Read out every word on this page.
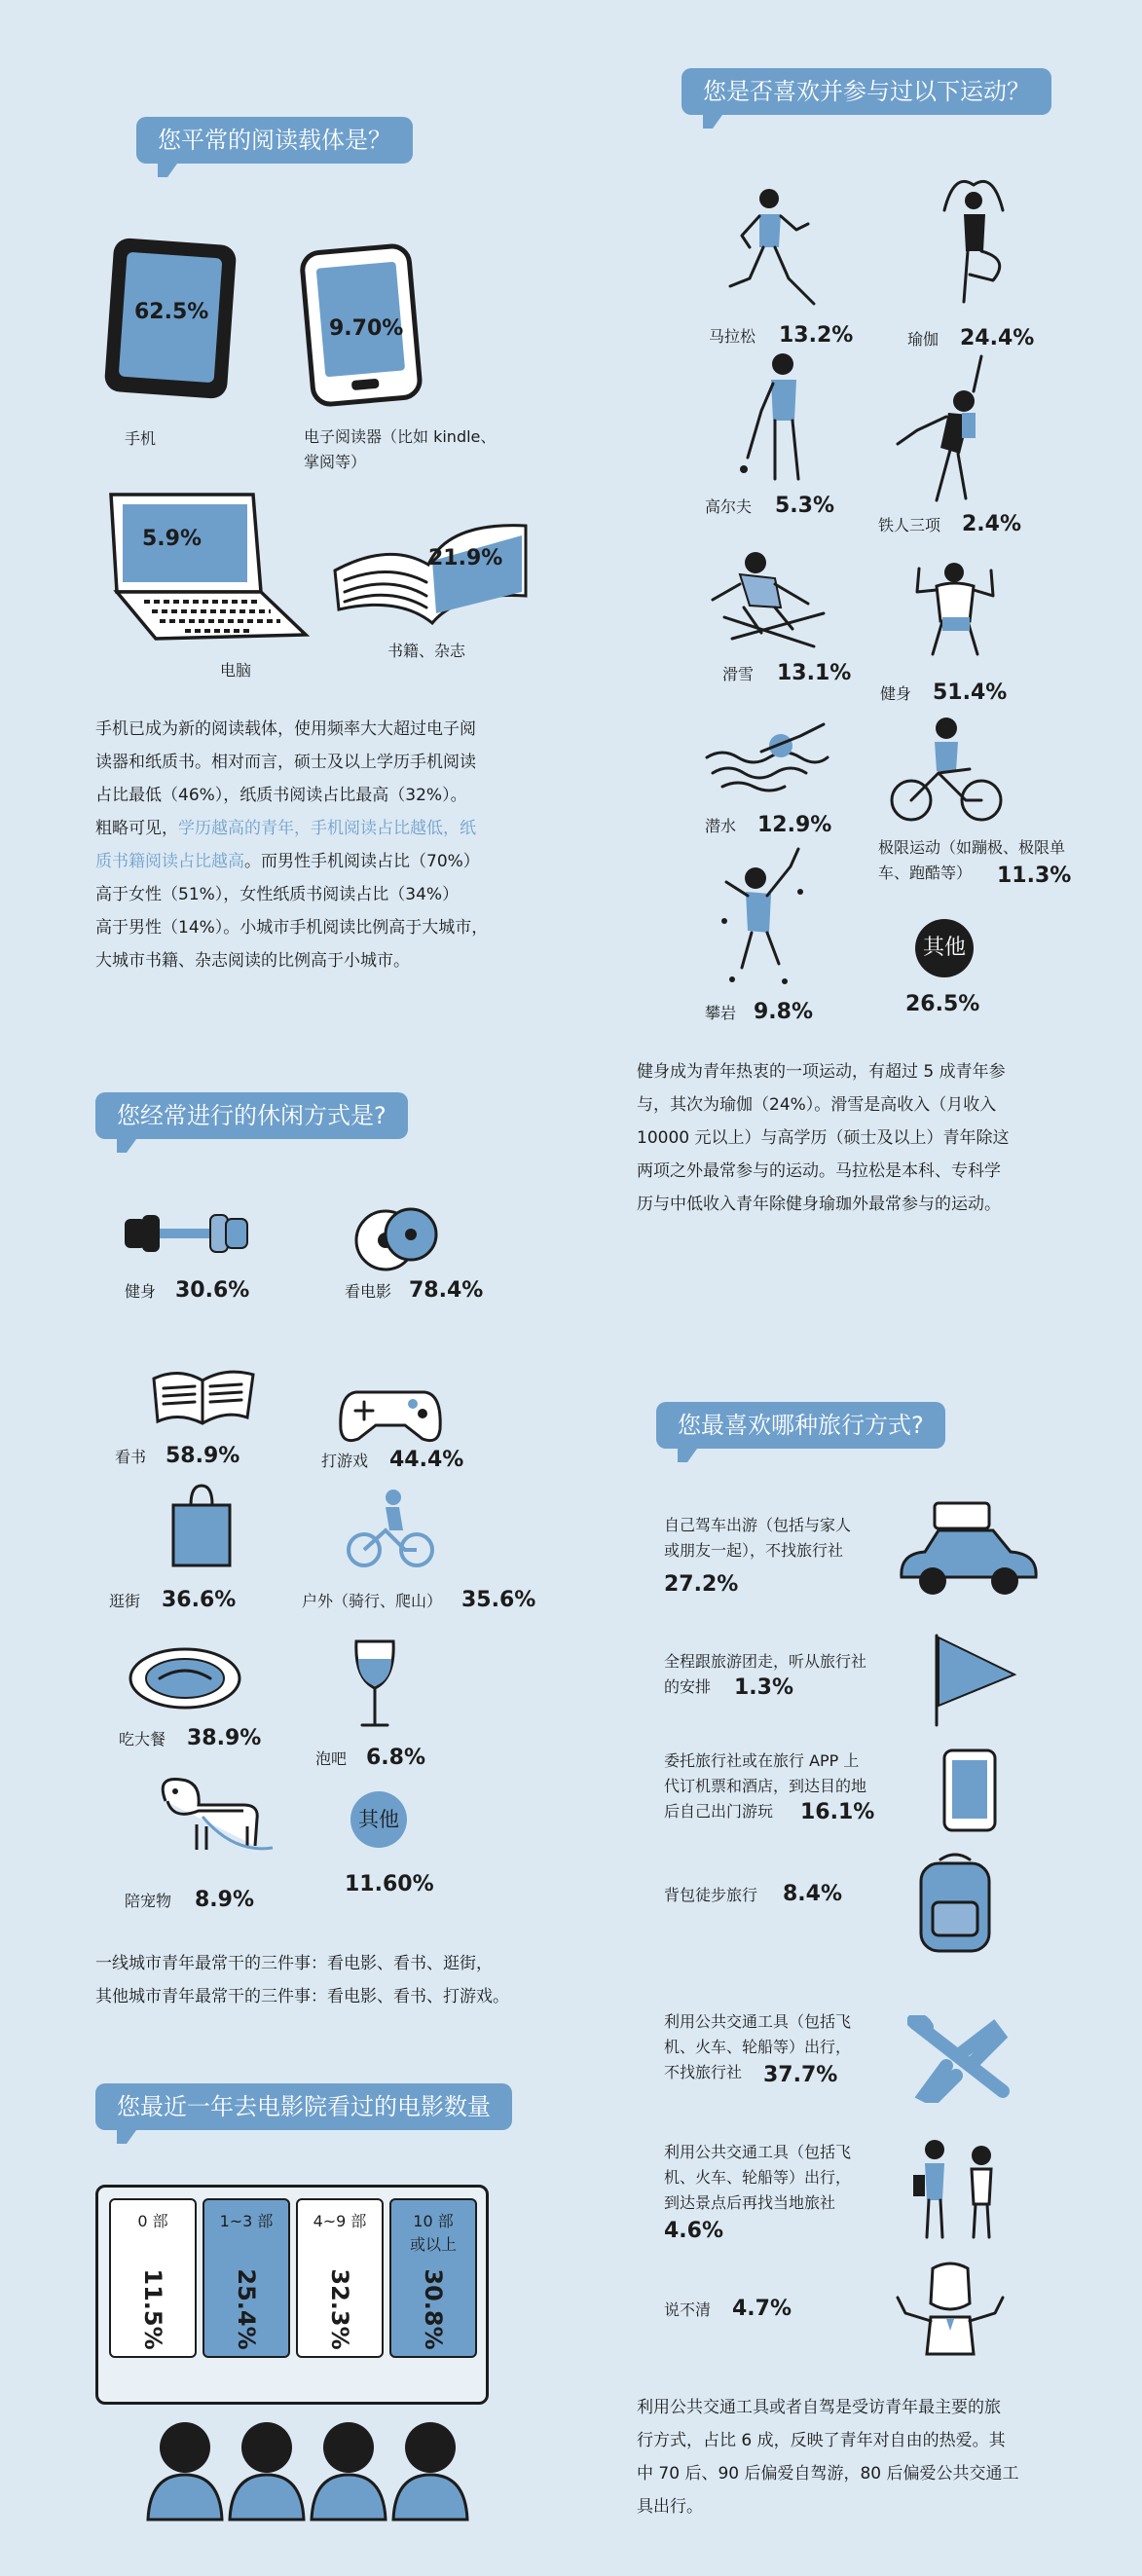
您平常的阅读载体是？
62.5%
手机
9.70%
电子阅读器（比如 kindle、
掌阅等）
5.9%
电脑
21.9%
书籍、杂志
手机已成为新的阅读载体，使用频率大大超过电子阅
读器和纸质书。相对而言，硕士及以上学历手机阅读
占比最低（46%），纸质书阅读占比最高（32%）。
粗略可见，学历越高的青年，手机阅读占比越低，纸
质书籍阅读占比越高。而男性手机阅读占比（70%）
高于女性（51%），女性纸质书阅读占比（34%）
高于男性（14%）。小城市手机阅读比例高于大城市，
大城市书籍、杂志阅读的比例高于小城市。
您是否喜欢并参与过以下运动？
马拉松 13.2%	瑜伽 24.4%
高尔夫 5.3%
铁人三项 2.4%
滑雪 13.1%
健身 51.4%
潜水 12.9%
极限运动（如蹦极、极限单
车、跑酷等）	11.3%
攀岩 9.8%
其他
26.5%
健身成为青年热衷的一项运动，有超过 5 成青年参
与，其次为瑜伽（24%）。滑雪是高收入（月收入
10000 元以上）与高学历（硕士及以上）青年除这
两项之外最常参与的运动。马拉松是本科、专科学
历与中低收入青年除健身瑜珈外最常参与的运动。
您经常进行的休闲方式是?
健身 30.6%	看电影 78.4%
看书 58.9%	打游戏 44.4%
逛街 36.6%	户外（骑行、爬山） 35.6%
吃大餐 38.9%
泡吧 6.8%
陪宠物 8.9%
其他
11.60%
一线城市青年最常干的三件事：看电影、看书、逛街，
其他城市青年最常干的三件事：看电影、看书、打游戏。
您最近一年去电影院看过的电影数量
0 部
11.5%
1~3 部
25.4%
4~9 部
32.3%
10 部
或以上
30.8%
您最喜欢哪种旅行方式?
自己驾车出游（包括与家人
或朋友一起），不找旅行社
27.2%
全程跟旅游团走，听从旅行社
的安排	1.3%
委托旅行社或在旅行 APP 上
代订机票和酒店，到达目的地
后自己出门游玩	16.1%
背包徒步旅行 8.4%
利用公共交通工具（包括飞
机、火车、轮船等）出行，
不找旅行社 37.7%
利用公共交通工具（包括飞
机、火车、轮船等）出行，
到达景点后再找当地旅社
4.6%
说不清 4.7%
利用公共交通工具或者自驾是受访青年最主要的旅
行方式，占比 6 成，反映了青年对自由的热爱。其
中 70 后、90 后偏爱自驾游，80 后偏爱公共交通工
具出行。
